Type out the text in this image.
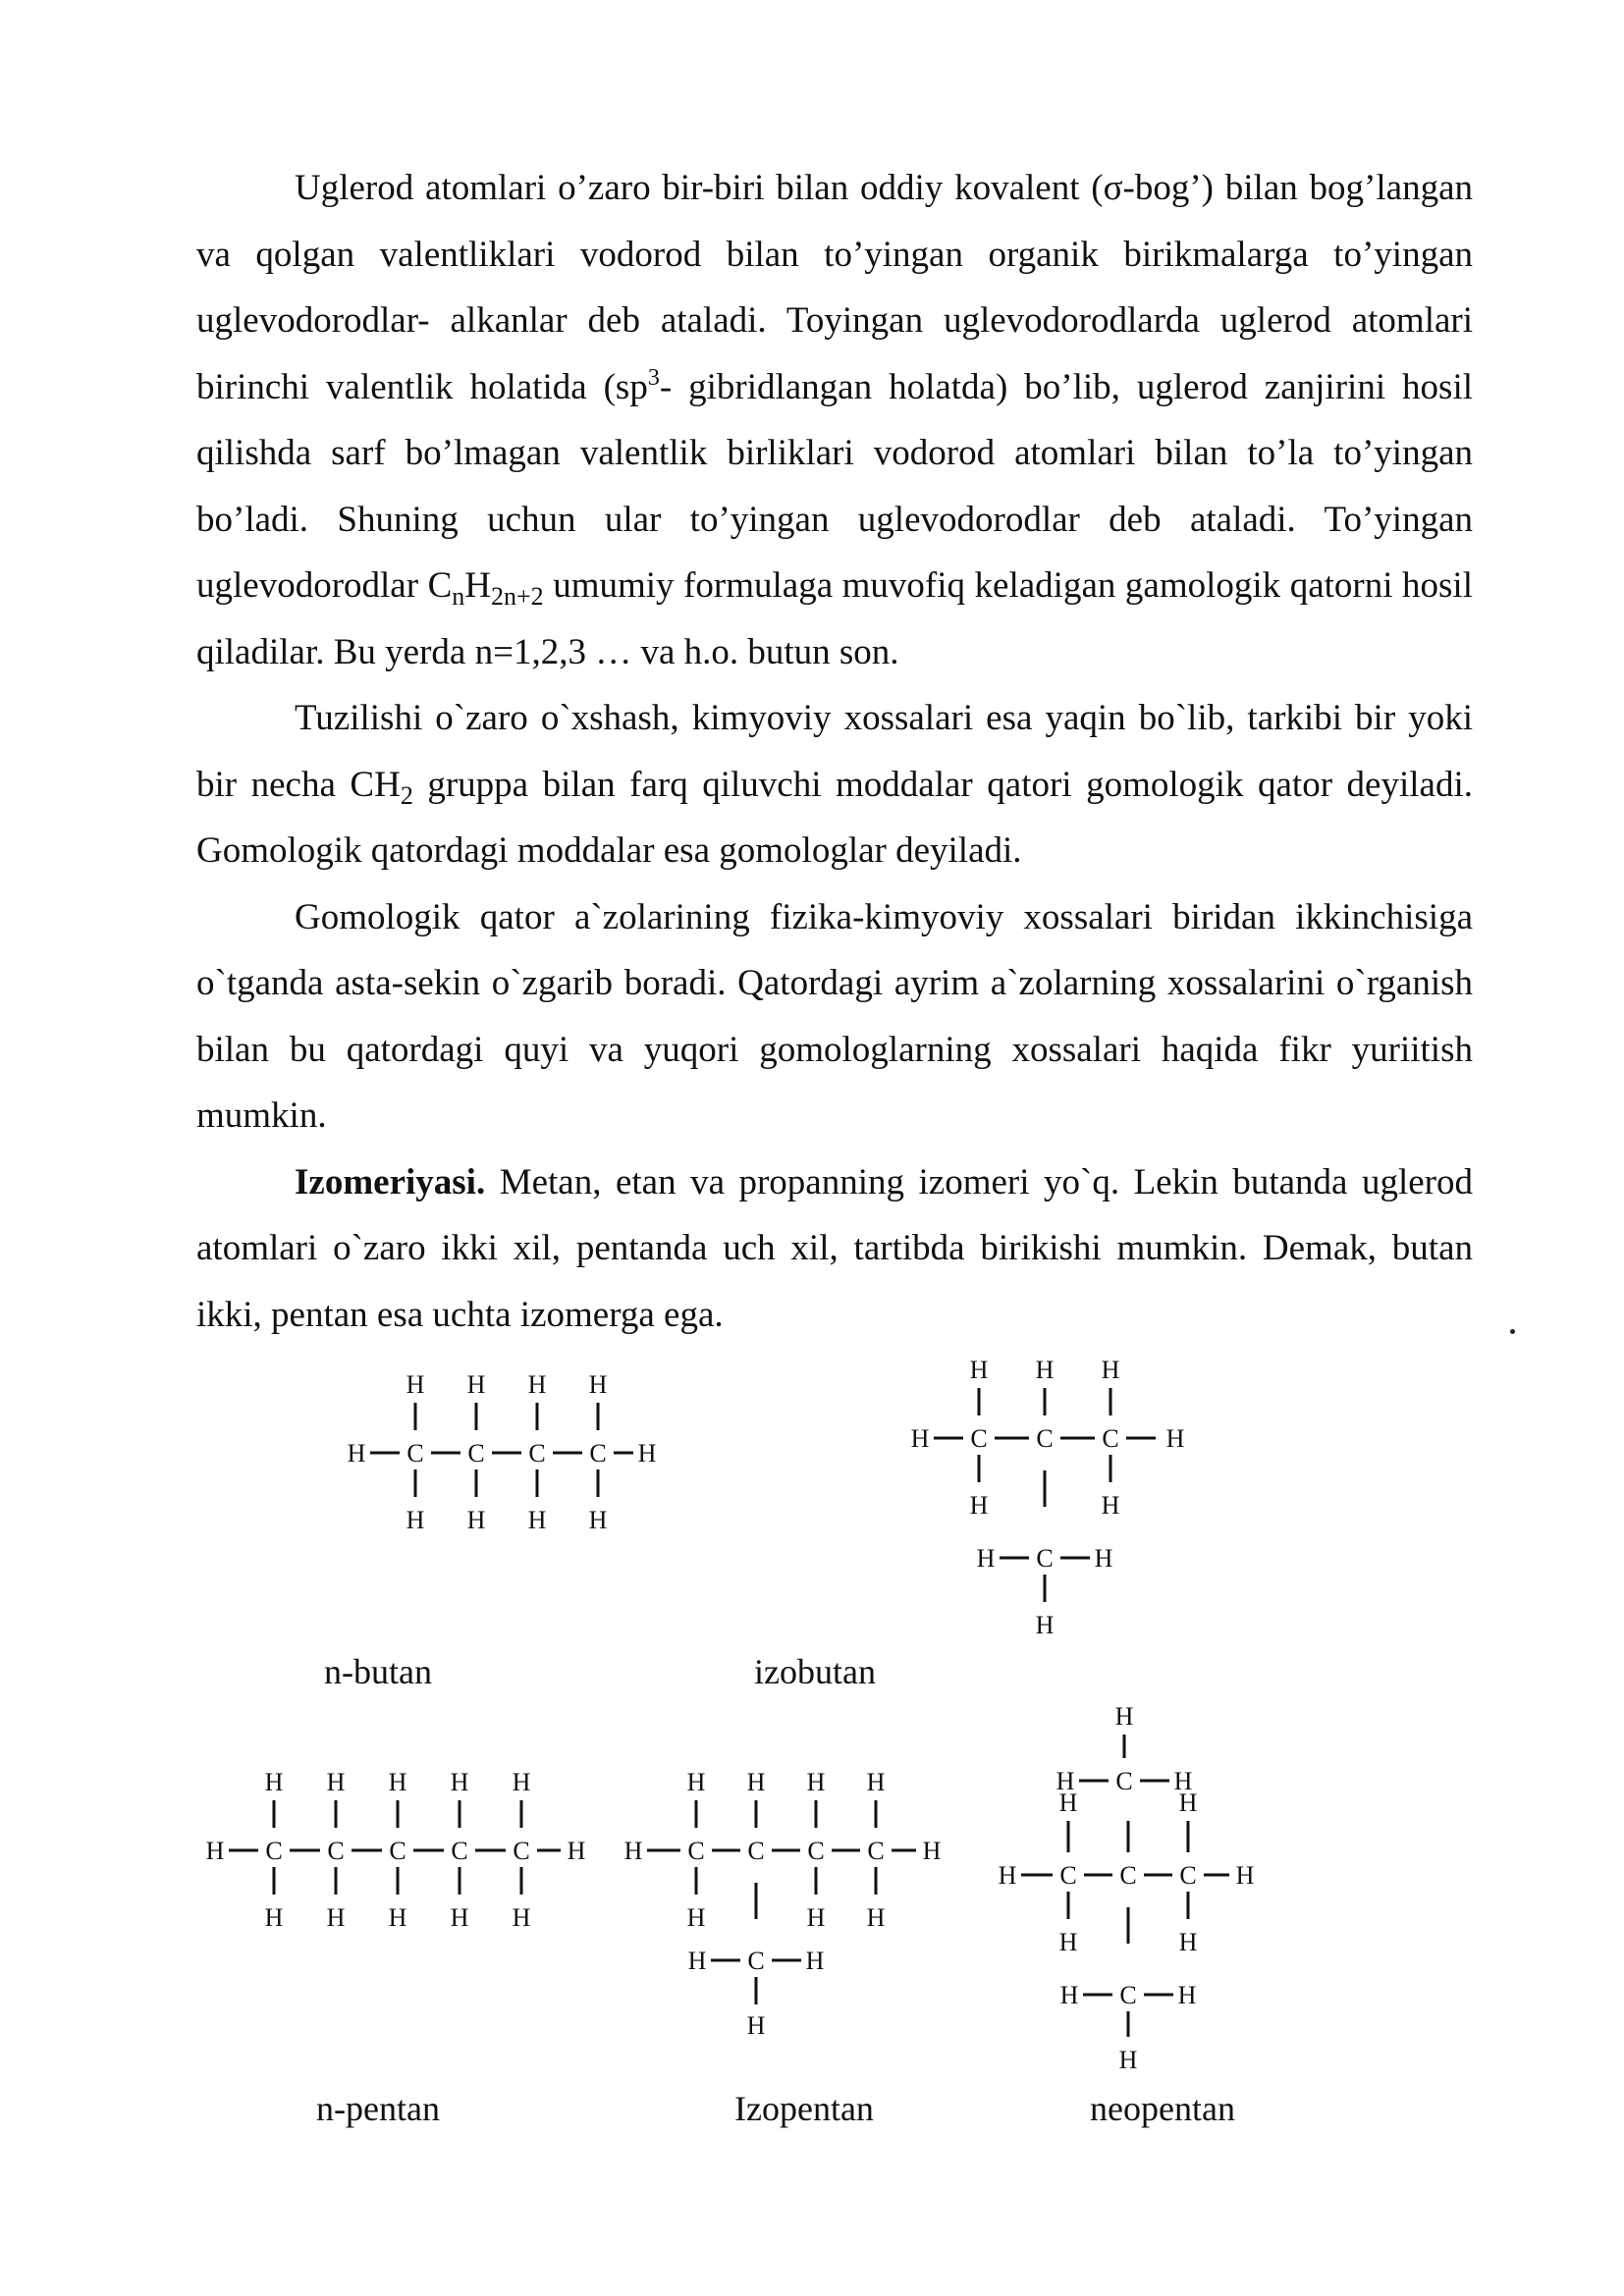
Uglerod atomlari o’zaro bir-biri bilan oddiy kovalent (σ-bog’) bilan bog’langan va qolgan valentliklari vodorod bilan to’yingan organik birikmalarga to’yingan uglevodorodlar- alkanlar deb ataladi. Toyingan uglevodorodlarda uglerod atomlari birinchi valentlik holatida ($sp^3-$ gibridlangan holatda) bo’lib, uglerod zanjirini hosil qilishda sarf bo’lmagan valentlik birliklari vodorod atomlari bilan to’la to’yingan bo’ladi. Shuning uchun ular to’yingan uglevodorodlar deb ataladi. To’yingan uglevodorodlar $C_nH_{2n+2}$ umumiy formulaga muvofiq keladigan gamologik qatorni hosil qiladilar. Bu yerda n=1,2,3 … va h.o. butun son.

Tuzilishi o`zaro o`xshash, kimyoviy xossalari esa yaqin bo`lib, tarkibi bir yoki bir necha $CH_2$ gruppa bilan farq qiluvchi moddalar qatori gomologik qator deyiladi. Gomologik qatordagi moddalar esa gomologlar deyiladi.

Gomologik qator a`zolarining fizika-kimyoviy xossalari biridan ikkinchisiga o`tganda asta-sekin o`zgarib boradi. Qatordagi ayrim a`zolarning xossalarini o`rganish bilan bu qatordagi quyi va yuqori gomologlarning xossalari haqida fikr yuriitish mumkin.

Izomeriyasi. Metan, etan va propanning izomeri yo`q. Lekin butanda uglerod atomlari o`zaro ikki xil, pentanda uch xil, tartibda birikishi mumkin. Demak, butan ikki, pentan esa uchta izomerga ega.

H H H H
H C C C C H
H H H H
H H H
H C C C H
H	H
H C H
H
n-butan	izobutan
H H H H H
H C C C C C H
H H H H H
H H H H
H C C C C H
H	H H
H C H
H
H
H C H
H	H
H C C C H
H	H
H C H
H
n-pentan	Izopentan	neopentan
